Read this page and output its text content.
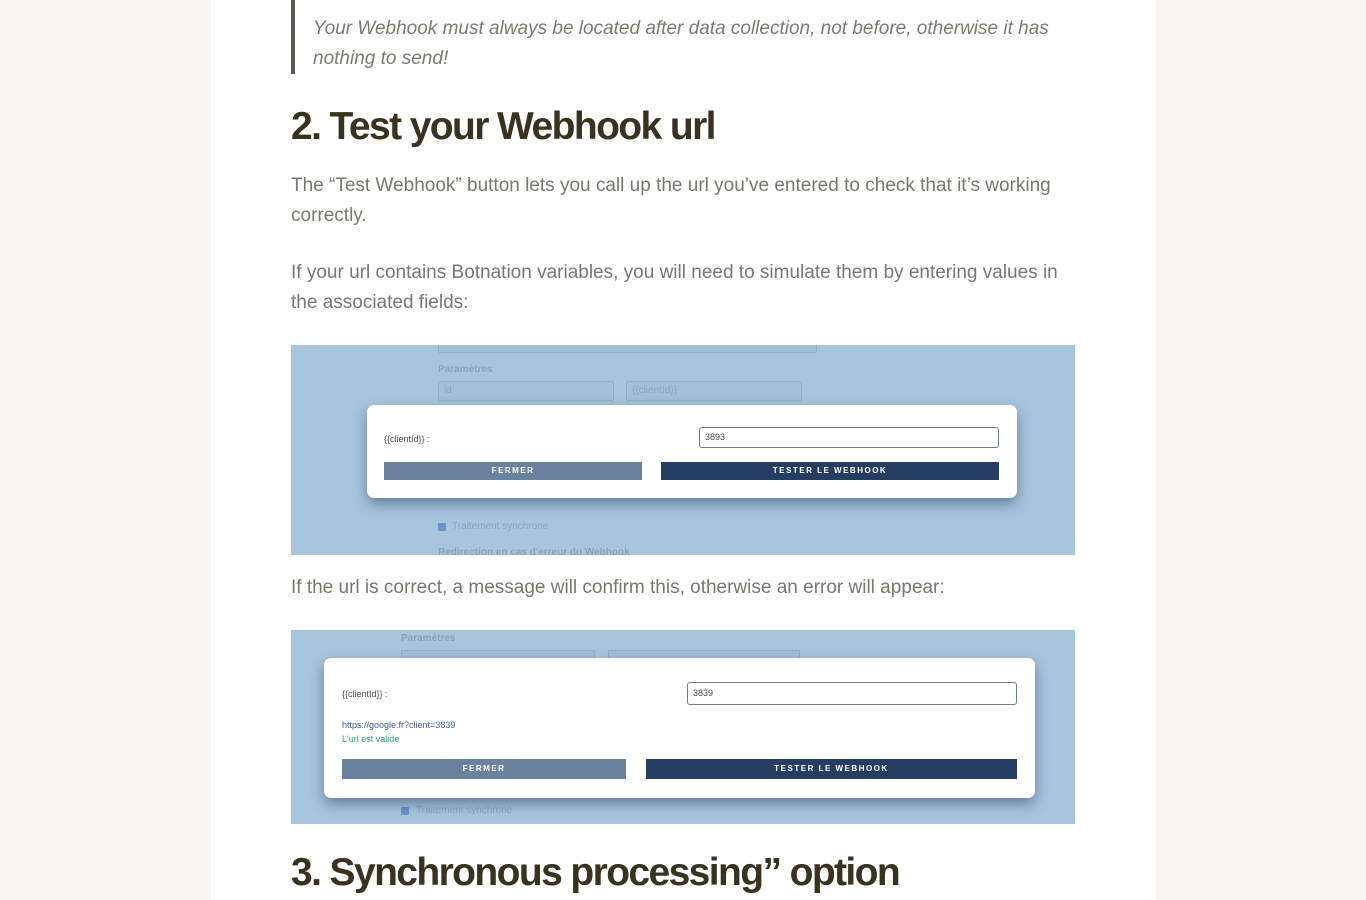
Your Webhook must always be located after data collection, not before, otherwise it has nothing to send!
2. Test your Webhook url

The “Test Webhook” button lets you call up the url you’ve entered to check that it’s working correctly.

If your url contains Botnation variables, you will need to simulate them by entering values in the associated fields:

Paramètres
id	{{clientId}}
Traitement synchrone
Redirection en cas d'erreur du Webhook
{{clientId}} :	3893
FERMER	TESTER LE WEBHOOK

If the url is correct, a message will confirm this, otherwise an error will appear:

Paramètres
Traitement synchrone
{{clientId}} :	3839
https://google.fr?client=3839
L'url est valide
FERMER	TESTER LE WEBHOOK
3. Synchronous processing” option
